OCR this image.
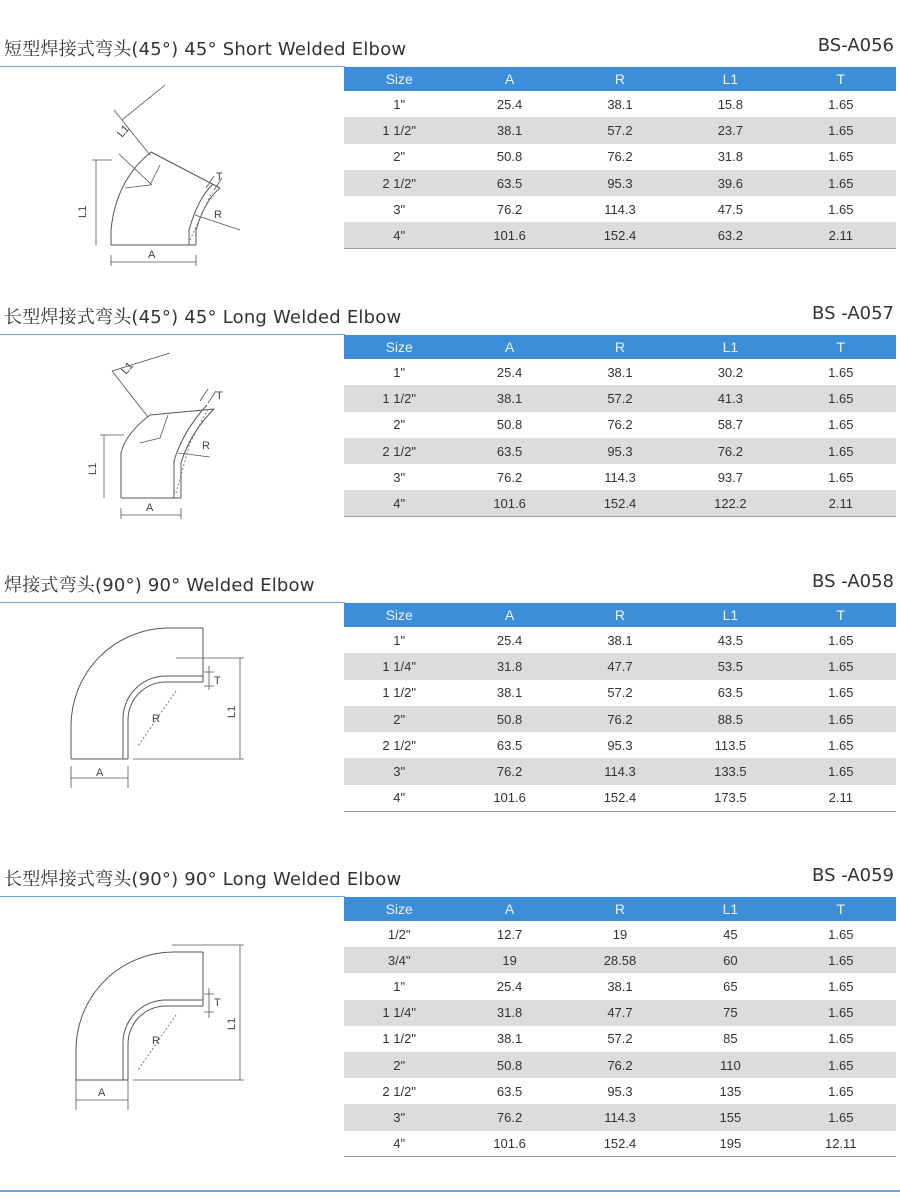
短型焊接式弯头(45°) 45° Short Welded Elbow	BS-A056
L1
A
R
T
L1
Size	A	R	L1	T
1"	25.4	38.1	15.8	1.65
1 1/2"	38.1	57.2	23.7	1.65
2"	50.8	76.2	31.8	1.65
2 1/2"	63.5	95.3	39.6	1.65
3"	76.2	114.3	47.5	1.65
4"	101.6	152.4	63.2	2.11
长型焊接式弯头(45°) 45° Long Welded Elbow	BS -A057
L1
A
R
T
L1
Size	A	R	L1	T
1"	25.4	38.1	30.2	1.65
1 1/2"	38.1	57.2	41.3	1.65
2"	50.8	76.2	58.7	1.65
2 1/2"	63.5	95.3	76.2	1.65
3"	76.2	114.3	93.7	1.65
4"	101.6	152.4	122.2	2.11
焊接式弯头(90°) 90° Welded Elbow	BS -A058
A
R
T
L1
Size	A	R	L1	T
1"	25.4	38.1	43.5	1.65
1 1/4"	31.8	47.7	53.5	1.65
1 1/2"	38.1	57.2	63.5	1.65
2"	50.8	76.2	88.5	1.65
2 1/2"	63.5	95.3	113.5	1.65
3"	76.2	114.3	133.5	1.65
4"	101.6	152.4	173.5	2.11
长型焊接式弯头(90°) 90° Long Welded Elbow	BS -A059
A
R
T
L1
Size	A	R	L1	T
1/2"	12.7	19	45	1.65
3/4"	19	28.58	60	1.65
1"	25.4	38.1	65	1.65
1 1/4"	31.8	47.7	75	1.65
1 1/2"	38.1	57.2	85	1.65
2"	50.8	76.2	110	1.65
2 1/2"	63.5	95.3	135	1.65
3"	76.2	114.3	155	1.65
4"	101.6	152.4	195	12.11
